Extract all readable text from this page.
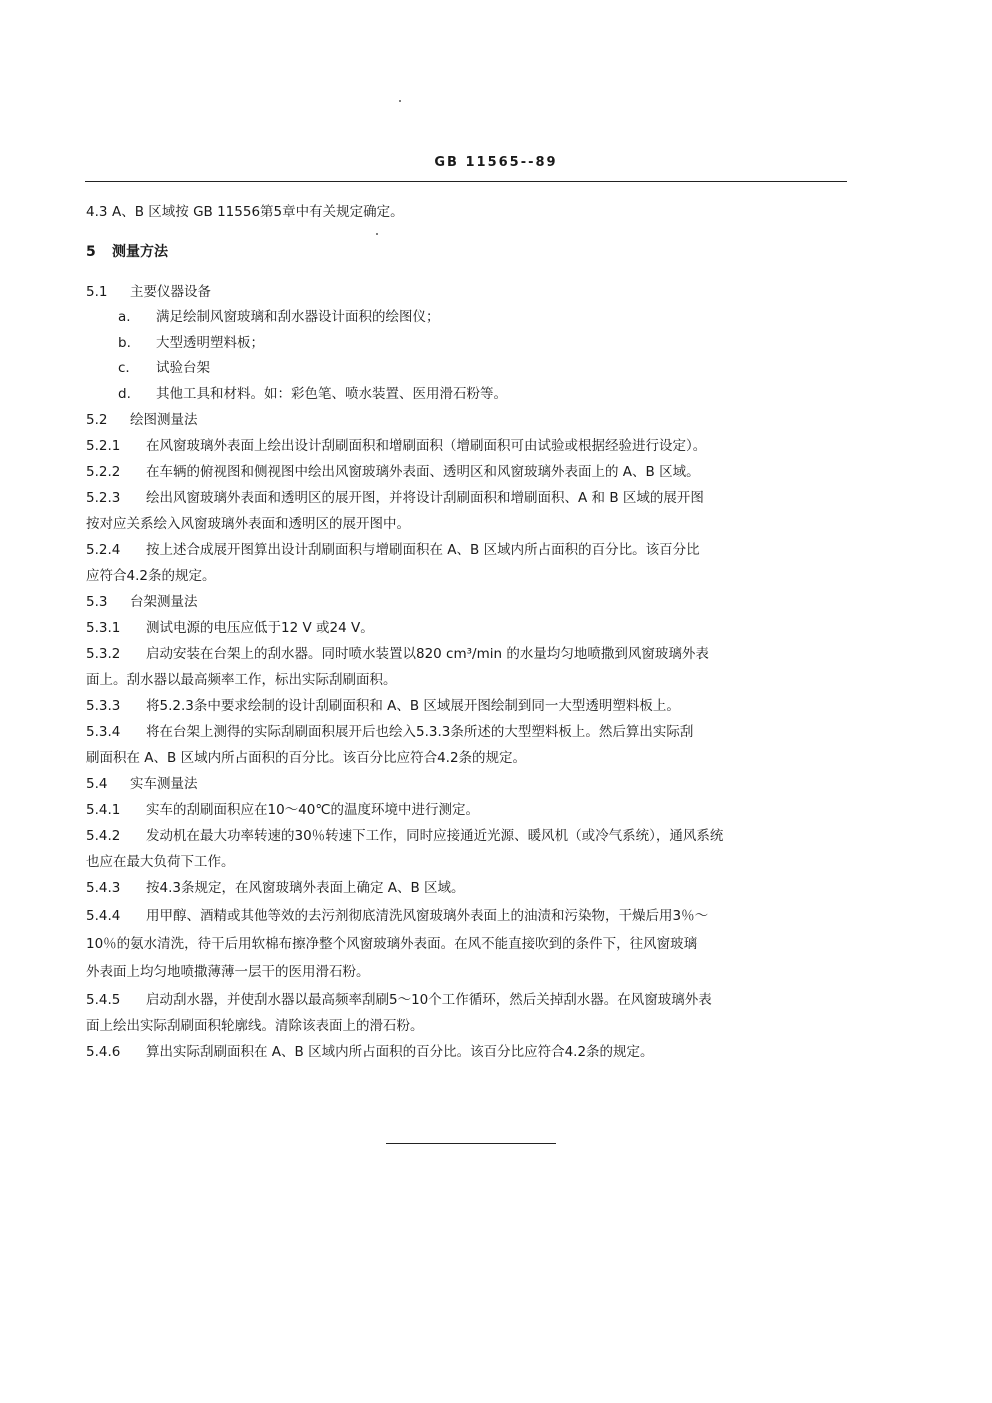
GB 11565--89
4.3 A、B 区域按 GB 11556第5章中有关规定确定。
5 测量方法
5.1 主要仪器设备
a. 满足绘制风窗玻璃和刮水器设计面积的绘图仪；
b. 大型透明塑料板；
c. 试验台架
d. 其他工具和材料。如：彩色笔、喷水装置、医用滑石粉等。
5.2 绘图测量法
5.2.1 在风窗玻璃外表面上绘出设计刮刷面积和增刷面积（增刷面积可由试验或根据经验进行设定）。
5.2.2 在车辆的俯视图和侧视图中绘出风窗玻璃外表面、透明区和风窗玻璃外表面上的 A、B 区域。
5.2.3 绘出风窗玻璃外表面和透明区的展开图，并将设计刮刷面积和增刷面积、A 和 B 区域的展开图
按对应关系绘入风窗玻璃外表面和透明区的展开图中。
5.2.4 按上述合成展开图算出设计刮刷面积与增刷面积在 A、B 区域内所占面积的百分比。该百分比
应符合4.2条的规定。
5.3 台架测量法
5.3.1 测试电源的电压应低于12 V 或24 V。
5.3.2 启动安装在台架上的刮水器。同时喷水装置以820 cm³/min 的水量均匀地喷撒到风窗玻璃外表
面上。刮水器以最高频率工作，标出实际刮刷面积。
5.3.3 将5.2.3条中要求绘制的设计刮刷面积和 A、B 区域展开图绘制到同一大型透明塑料板上。
5.3.4 将在台架上测得的实际刮刷面积展开后也绘入5.3.3条所述的大型塑料板上。然后算出实际刮
刷面积在 A、B 区域内所占面积的百分比。该百分比应符合4.2条的规定。
5.4 实车测量法
5.4.1 实车的刮刷面积应在10～40℃的温度环境中进行测定。
5.4.2 发动机在最大功率转速的30％转速下工作，同时应接通近光源、暖风机（或冷气系统），通风系统
也应在最大负荷下工作。
5.4.3 按4.3条规定，在风窗玻璃外表面上确定 A、B 区域。
5.4.4 用甲醇、酒精或其他等效的去污剂彻底清洗风窗玻璃外表面上的油渍和污染物，干燥后用3％～
10％的氨水清洗，待干后用软棉布擦净整个风窗玻璃外表面。在风不能直接吹到的条件下，往风窗玻璃
外表面上均匀地喷撒薄薄一层干的医用滑石粉。
5.4.5 启动刮水器，并使刮水器以最高频率刮刷5～10个工作循环，然后关掉刮水器。在风窗玻璃外表
面上绘出实际刮刷面积轮廓线。清除该表面上的滑石粉。
5.4.6 算出实际刮刷面积在 A、B 区域内所占面积的百分比。该百分比应符合4.2条的规定。
